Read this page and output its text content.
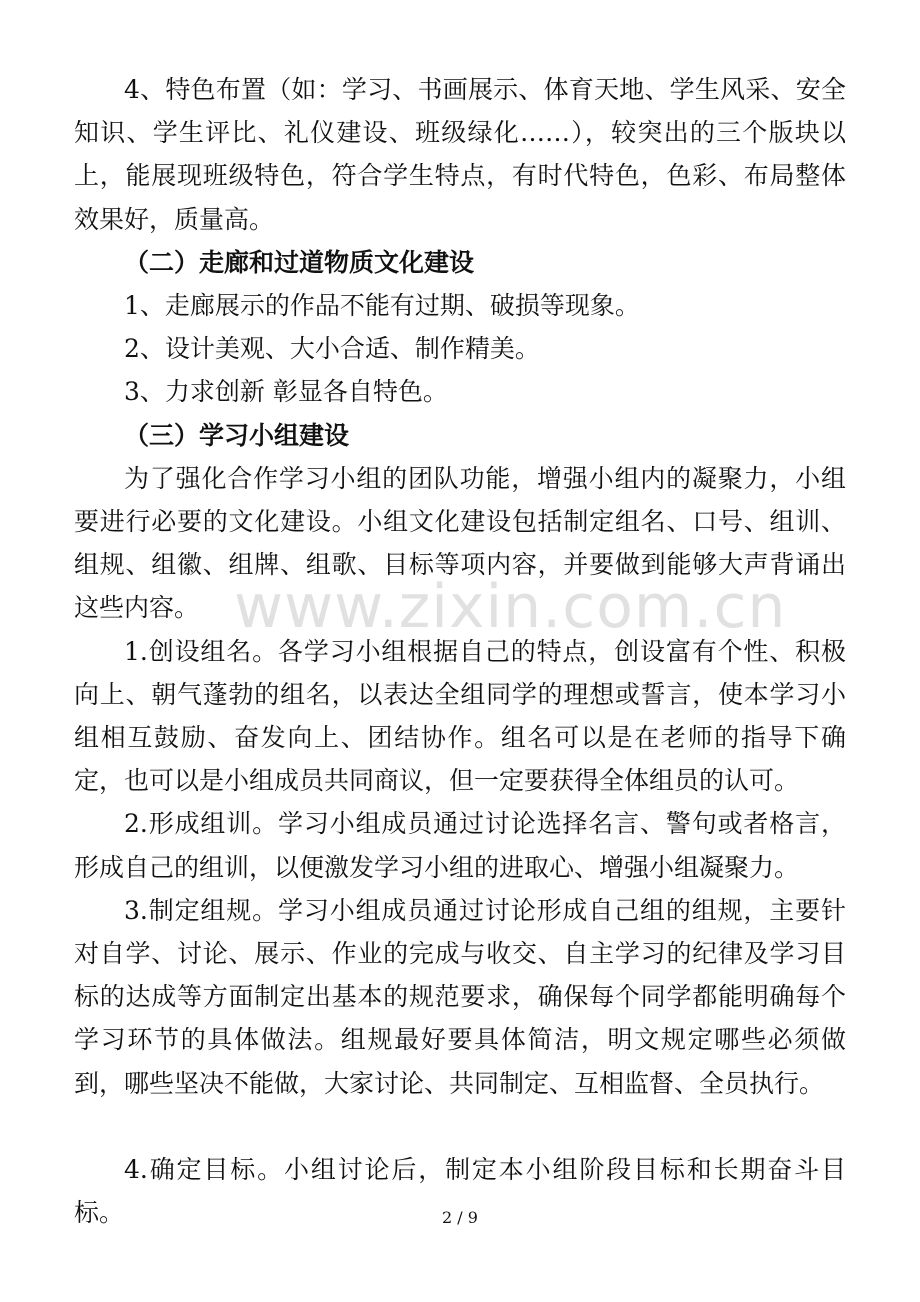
4、特色布置（如：学习、书画展示、体育天地、学生风采、安全知识、学生评比、礼仪建设、班级绿化……），较突出的三个版块以上，能展现班级特色，符合学生特点，有时代特色，色彩、布局整体效果好，质量高。

（二）走廊和过道物质文化建设

1、走廊展示的作品不能有过期、破损等现象。

2、设计美观、大小合适、制作精美。

3、力求创新 彰显各自特色。

（三）学习小组建设

为了强化合作学习小组的团队功能，增强小组内的凝聚力，小组要进行必要的文化建设。小组文化建设包括制定组名、口号、组训、组规、组徽、组牌、组歌、目标等项内容，并要做到能够大声背诵出这些内容。

1.创设组名。各学习小组根据自己的特点，创设富有个性、积极向上、朝气蓬勃的组名，以表达全组同学的理想或誓言，使本学习小组相互鼓励、奋发向上、团结协作。组名可以是在老师的指导下确定，也可以是小组成员共同商议，但一定要获得全体组员的认可。

2.形成组训。学习小组成员通过讨论选择名言、警句或者格言，形成自己的组训，以便激发学习小组的进取心、增强小组凝聚力。

3.制定组规。学习小组成员通过讨论形成自己组的组规，主要针对自学、讨论、展示、作业的完成与收交、自主学习的纪律及学习目标的达成等方面制定出基本的规范要求，确保每个同学都能明确每个学习环节的具体做法。组规最好要具体简洁，明文规定哪些必须做到，哪些坚决不能做，大家讨论、共同制定、互相监督、全员执行。

4.确定目标。小组讨论后，制定本小组阶段目标和长期奋斗目标。

www.zixin.com.cn
2 / 9
